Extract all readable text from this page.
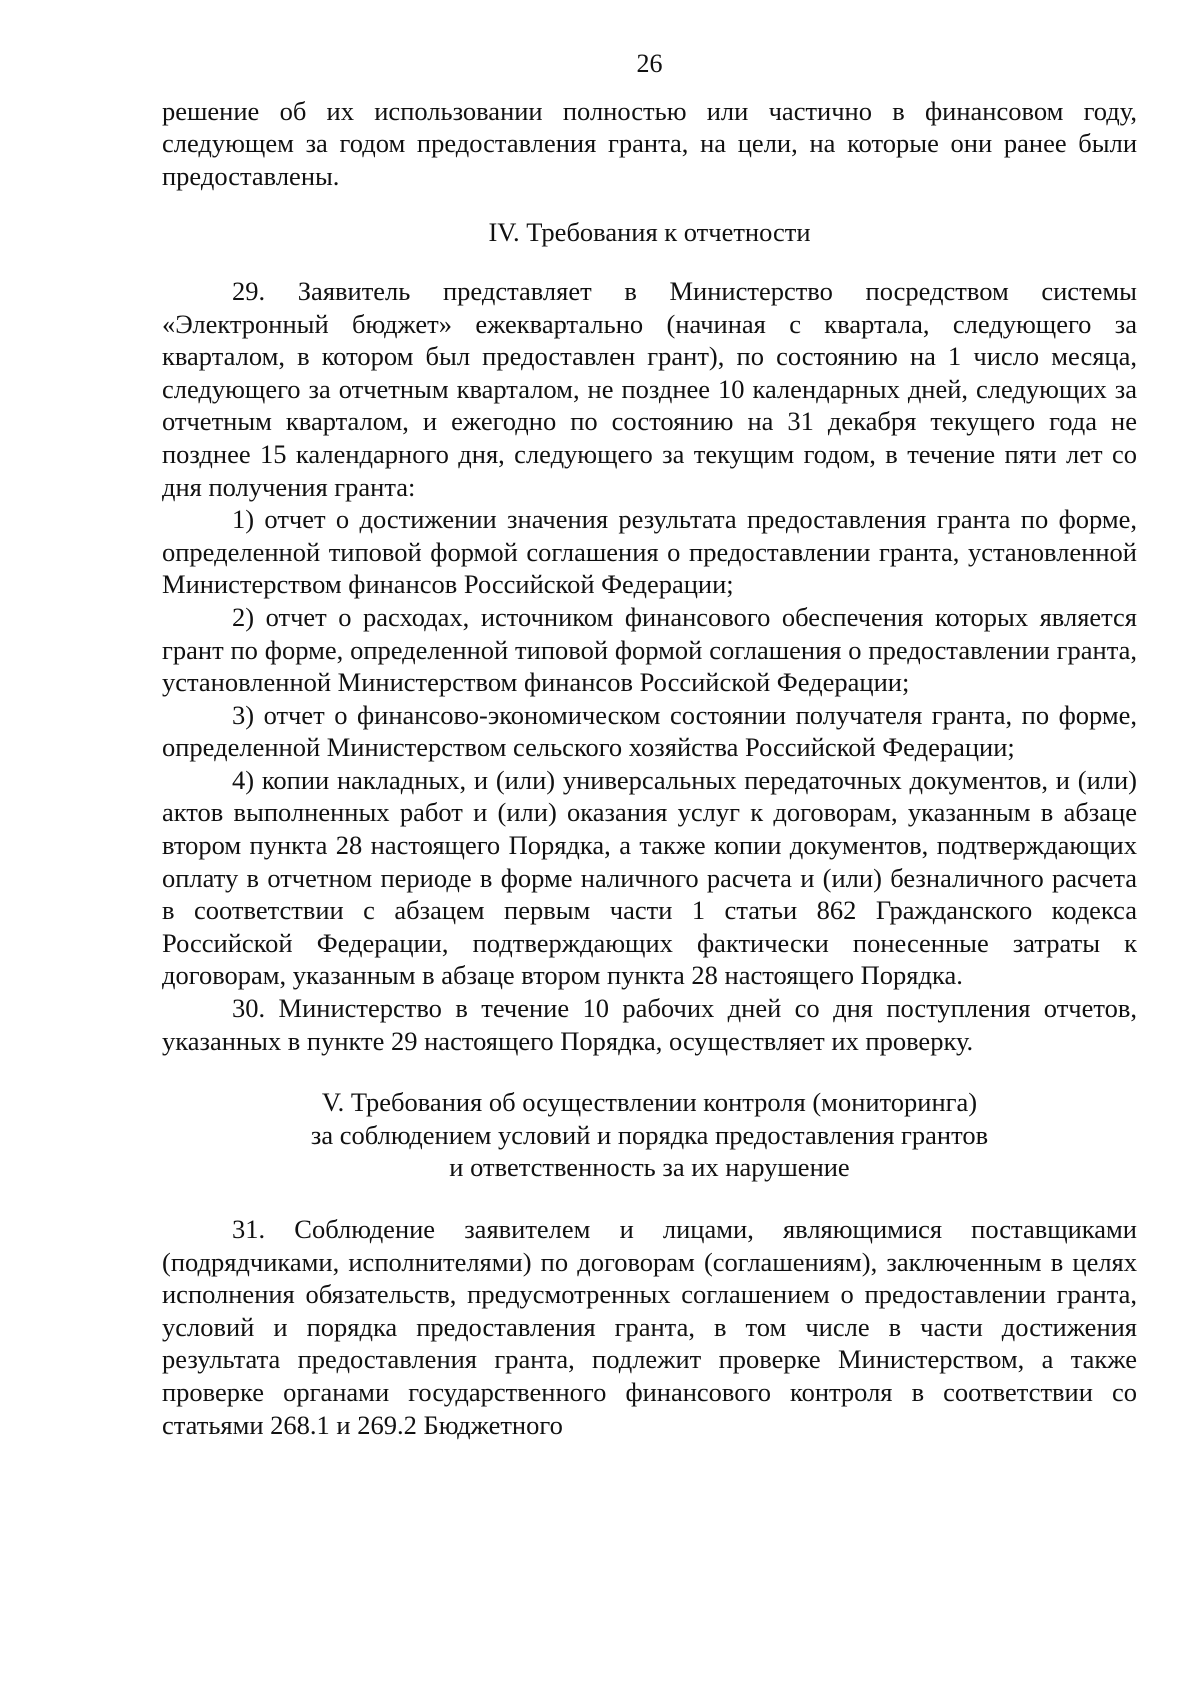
26

решение об их использовании полностью или частично в финансовом году, следующем за годом предоставления гранта, на цели, на которые они ранее были предоставлены.

IV. Требования к отчетности

29. Заявитель представляет в Министерство посредством системы «Электронный бюджет» ежеквартально (начиная с квартала, следующего за кварталом, в котором был предоставлен грант), по состоянию на 1 число месяца, следующего за отчетным кварталом, не позднее 10 календарных дней, следующих за отчетным кварталом, и ежегодно по состоянию на 31 декабря текущего года не позднее 15 календарного дня, следующего за текущим годом, в течение пяти лет со дня получения гранта:

1) отчет о достижении значения результата предоставления гранта по форме, определенной типовой формой соглашения о предоставлении гранта, установленной Министерством финансов Российской Федерации;

2) отчет о расходах, источником финансового обеспечения которых является грант по форме, определенной типовой формой соглашения о предоставлении гранта, установленной Министерством финансов Российской Федерации;

3) отчет о финансово-экономическом состоянии получателя гранта, по форме, определенной Министерством сельского хозяйства Российской Федерации;

4) копии накладных, и (или) универсальных передаточных документов, и (или) актов выполненных работ и (или) оказания услуг к договорам, указанным в абзаце втором пункта 28 настоящего Порядка, а также копии документов, подтверждающих оплату в отчетном периоде в форме наличного расчета и (или) безналичного расчета в соответствии с абзацем первым части 1 статьи 862 Гражданского кодекса Российской Федерации, подтверждающих фактически понесенные затраты к договорам, указанным в абзаце втором пункта 28 настоящего Порядка.

30. Министерство в течение 10 рабочих дней со дня поступления отчетов, указанных в пункте 29 настоящего Порядка, осуществляет их проверку.

V. Требования об осуществлении контроля (мониторинга)
за соблюдением условий и порядка предоставления грантов
и ответственность за их нарушение

31. Соблюдение заявителем и лицами, являющимися поставщиками (подрядчиками, исполнителями) по договорам (соглашениям), заключенным в целях исполнения обязательств, предусмотренных соглашением о предоставлении гранта, условий и порядка предоставления гранта, в том числе в части достижения результата предоставления гранта, подлежит проверке Министерством, а также проверке органами государственного финансового контроля в соответствии со статьями 268.1 и 269.2 Бюджетного
